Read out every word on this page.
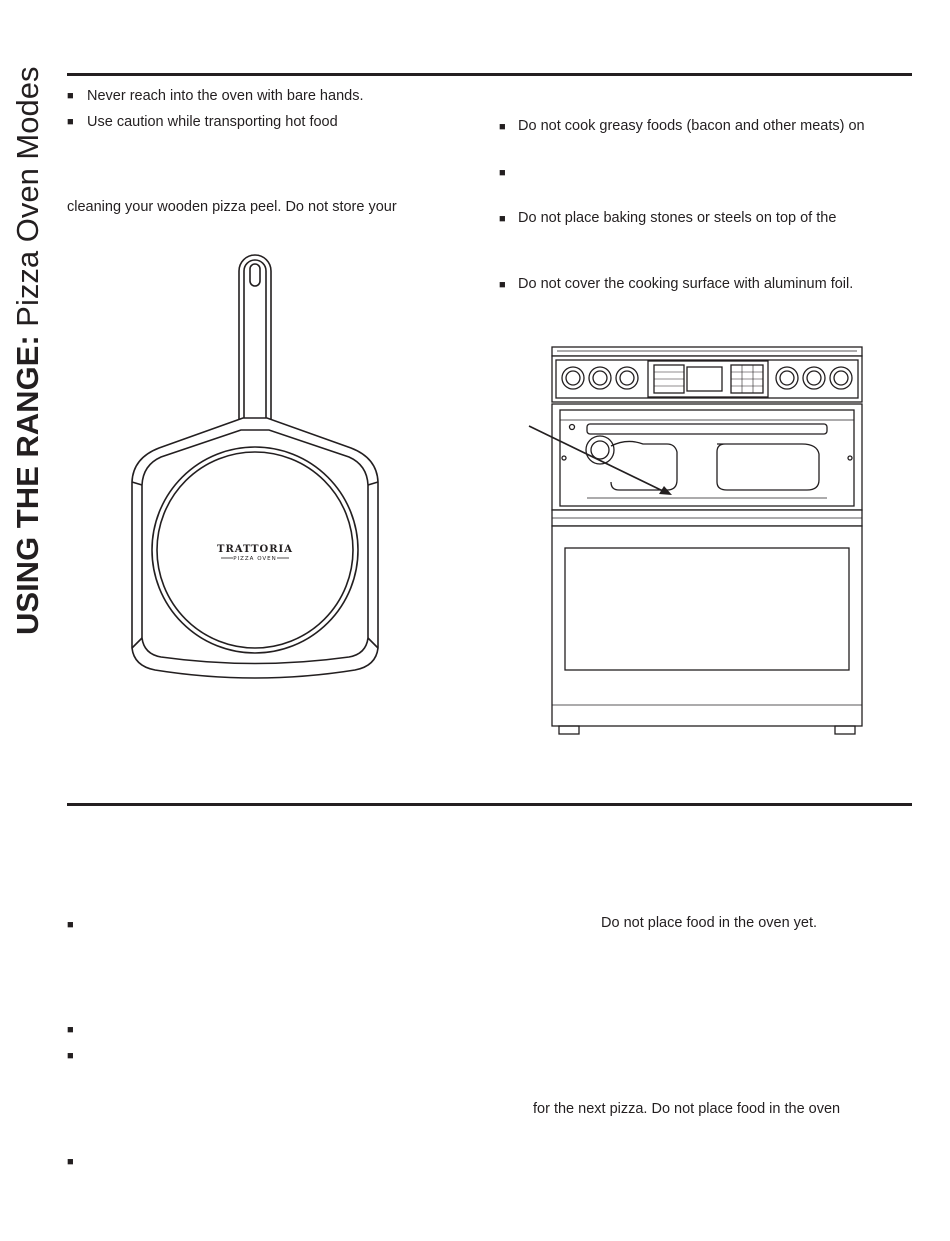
USING THE RANGE: Pizza Oven Modes ■ Never reach into the oven with bare hands.
■ Use caution while transporting hot food
cleaning your wooden pizza peel. Do not store your
■ Do not cook greasy foods (bacon and other meats) on
■
■ Do not place baking stones or steels on top of the
■ Do not cover the cooking surface with aluminum foil.
TRATTORIA
PIZZA OVEN
■	Do not place food in the oven yet.
■
■
for the next pizza. Do not place food in the oven
■
